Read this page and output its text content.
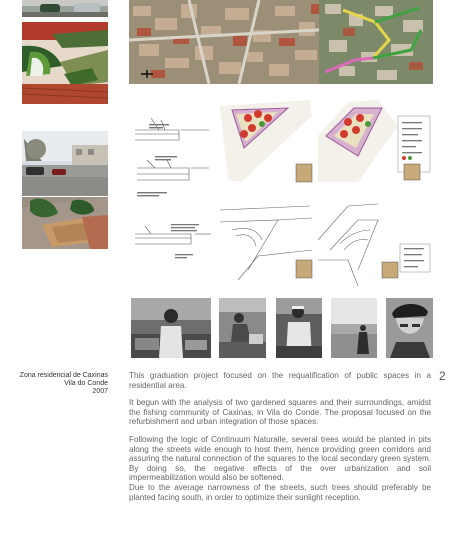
Zona residencial de Caxinas
Vila do Conde
2007

This graduation project focused on the requalification of public spaces in a residential area.

It begun with the analysis of two gardened squares and their surroundings, amidst the fishing community of Caxinas, in Vila do Conde. The proposal focused on the refurbishment and urban integration of those spaces.

Following the logic of Continuum Naturalle, several trees would be planted in pits along the streets wide enough to host them, hence providing green corridors and assuring the natural connection of the squares to the local secondary green system. By doing so, the negative effects of the over urbanization and soil impermeabilization would also be softened.

Due to the average narrowness of the streets, such trees should preferably be planted facing south, in order to optimize their sunlight reception.

2
